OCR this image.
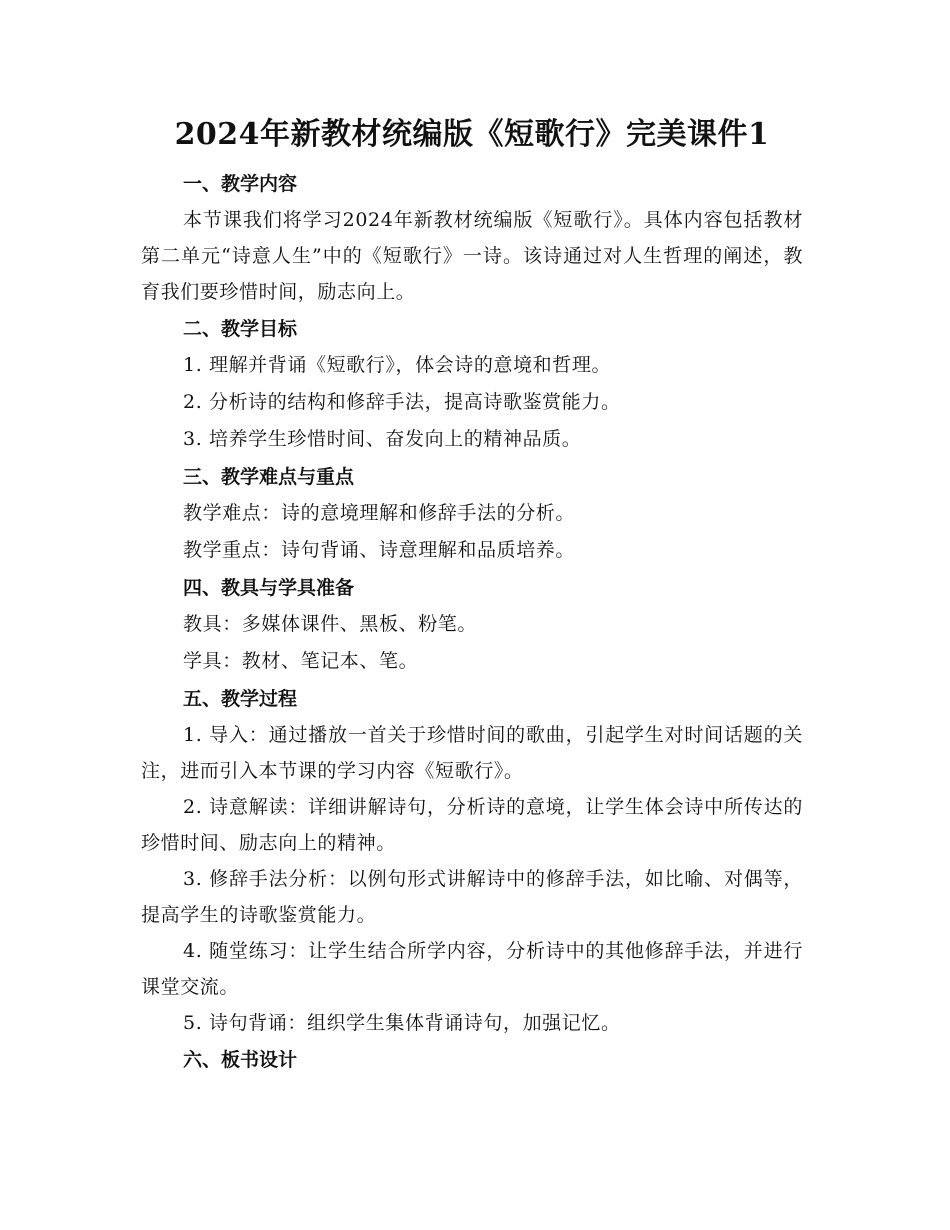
2024年新教材统编版《短歌行》完美课件1
一、教学内容

本节课我们将学习2024年新教材统编版《短歌行》。具体内容包括教材第二单元“诗意人生”中的《短歌行》一诗。该诗通过对人生哲理的阐述，教育我们要珍惜时间，励志向上。

二、教学目标

1. 理解并背诵《短歌行》，体会诗的意境和哲理。

2. 分析诗的结构和修辞手法，提高诗歌鉴赏能力。

3. 培养学生珍惜时间、奋发向上的精神品质。

三、教学难点与重点

教学难点：诗的意境理解和修辞手法的分析。

教学重点：诗句背诵、诗意理解和品质培养。

四、教具与学具准备

教具：多媒体课件、黑板、粉笔。

学具：教材、笔记本、笔。

五、教学过程

1. 导入：通过播放一首关于珍惜时间的歌曲，引起学生对时间话题的关注，进而引入本节课的学习内容《短歌行》。

2. 诗意解读：详细讲解诗句，分析诗的意境，让学生体会诗中所传达的珍惜时间、励志向上的精神。

3. 修辞手法分析：以例句形式讲解诗中的修辞手法，如比喻、对偶等，提高学生的诗歌鉴赏能力。

4. 随堂练习：让学生结合所学内容，分析诗中的其他修辞手法，并进行课堂交流。

5. 诗句背诵：组织学生集体背诵诗句，加强记忆。

六、板书设计
